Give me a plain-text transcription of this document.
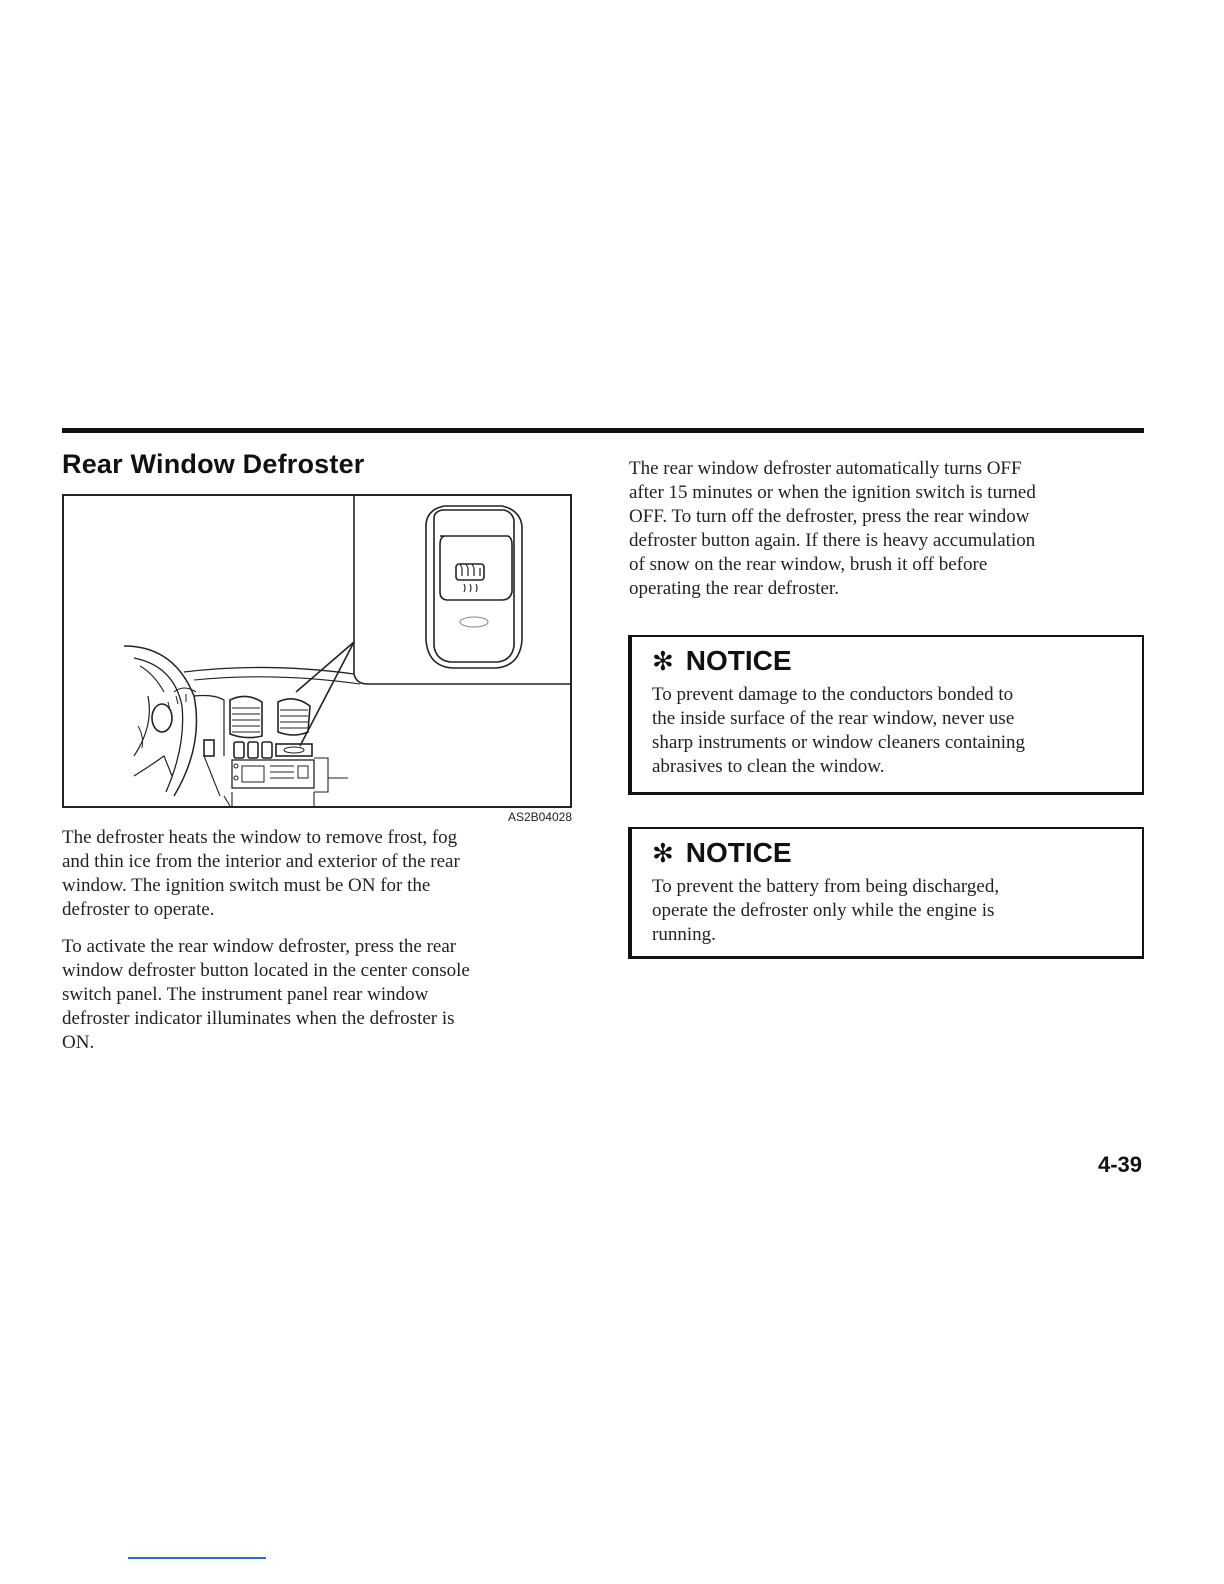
Rear Window Defroster
AS2B04028

The defroster heats the window to remove frost, fog
and thin ice from the interior and exterior of the rear
window. The ignition switch must be ON for the
defroster to operate.

To activate the rear window defroster, press the rear
window defroster button located in the center console
switch panel. The instrument panel rear window
defroster indicator illuminates when the defroster is
ON.

The rear window defroster automatically turns OFF
after 15 minutes or when the ignition switch is turned
OFF. To turn off the defroster, press the rear window
defroster button again. If there is heavy accumulation
of snow on the rear window, brush it off before
operating the rear defroster.

✻ NOTICE

To prevent damage to the conductors bonded to
the inside surface of the rear window, never use
sharp instruments or window cleaners containing
abrasives to clean the window.

✻ NOTICE

To prevent the battery from being discharged,
operate the defroster only while the engine is
running.

4-39
